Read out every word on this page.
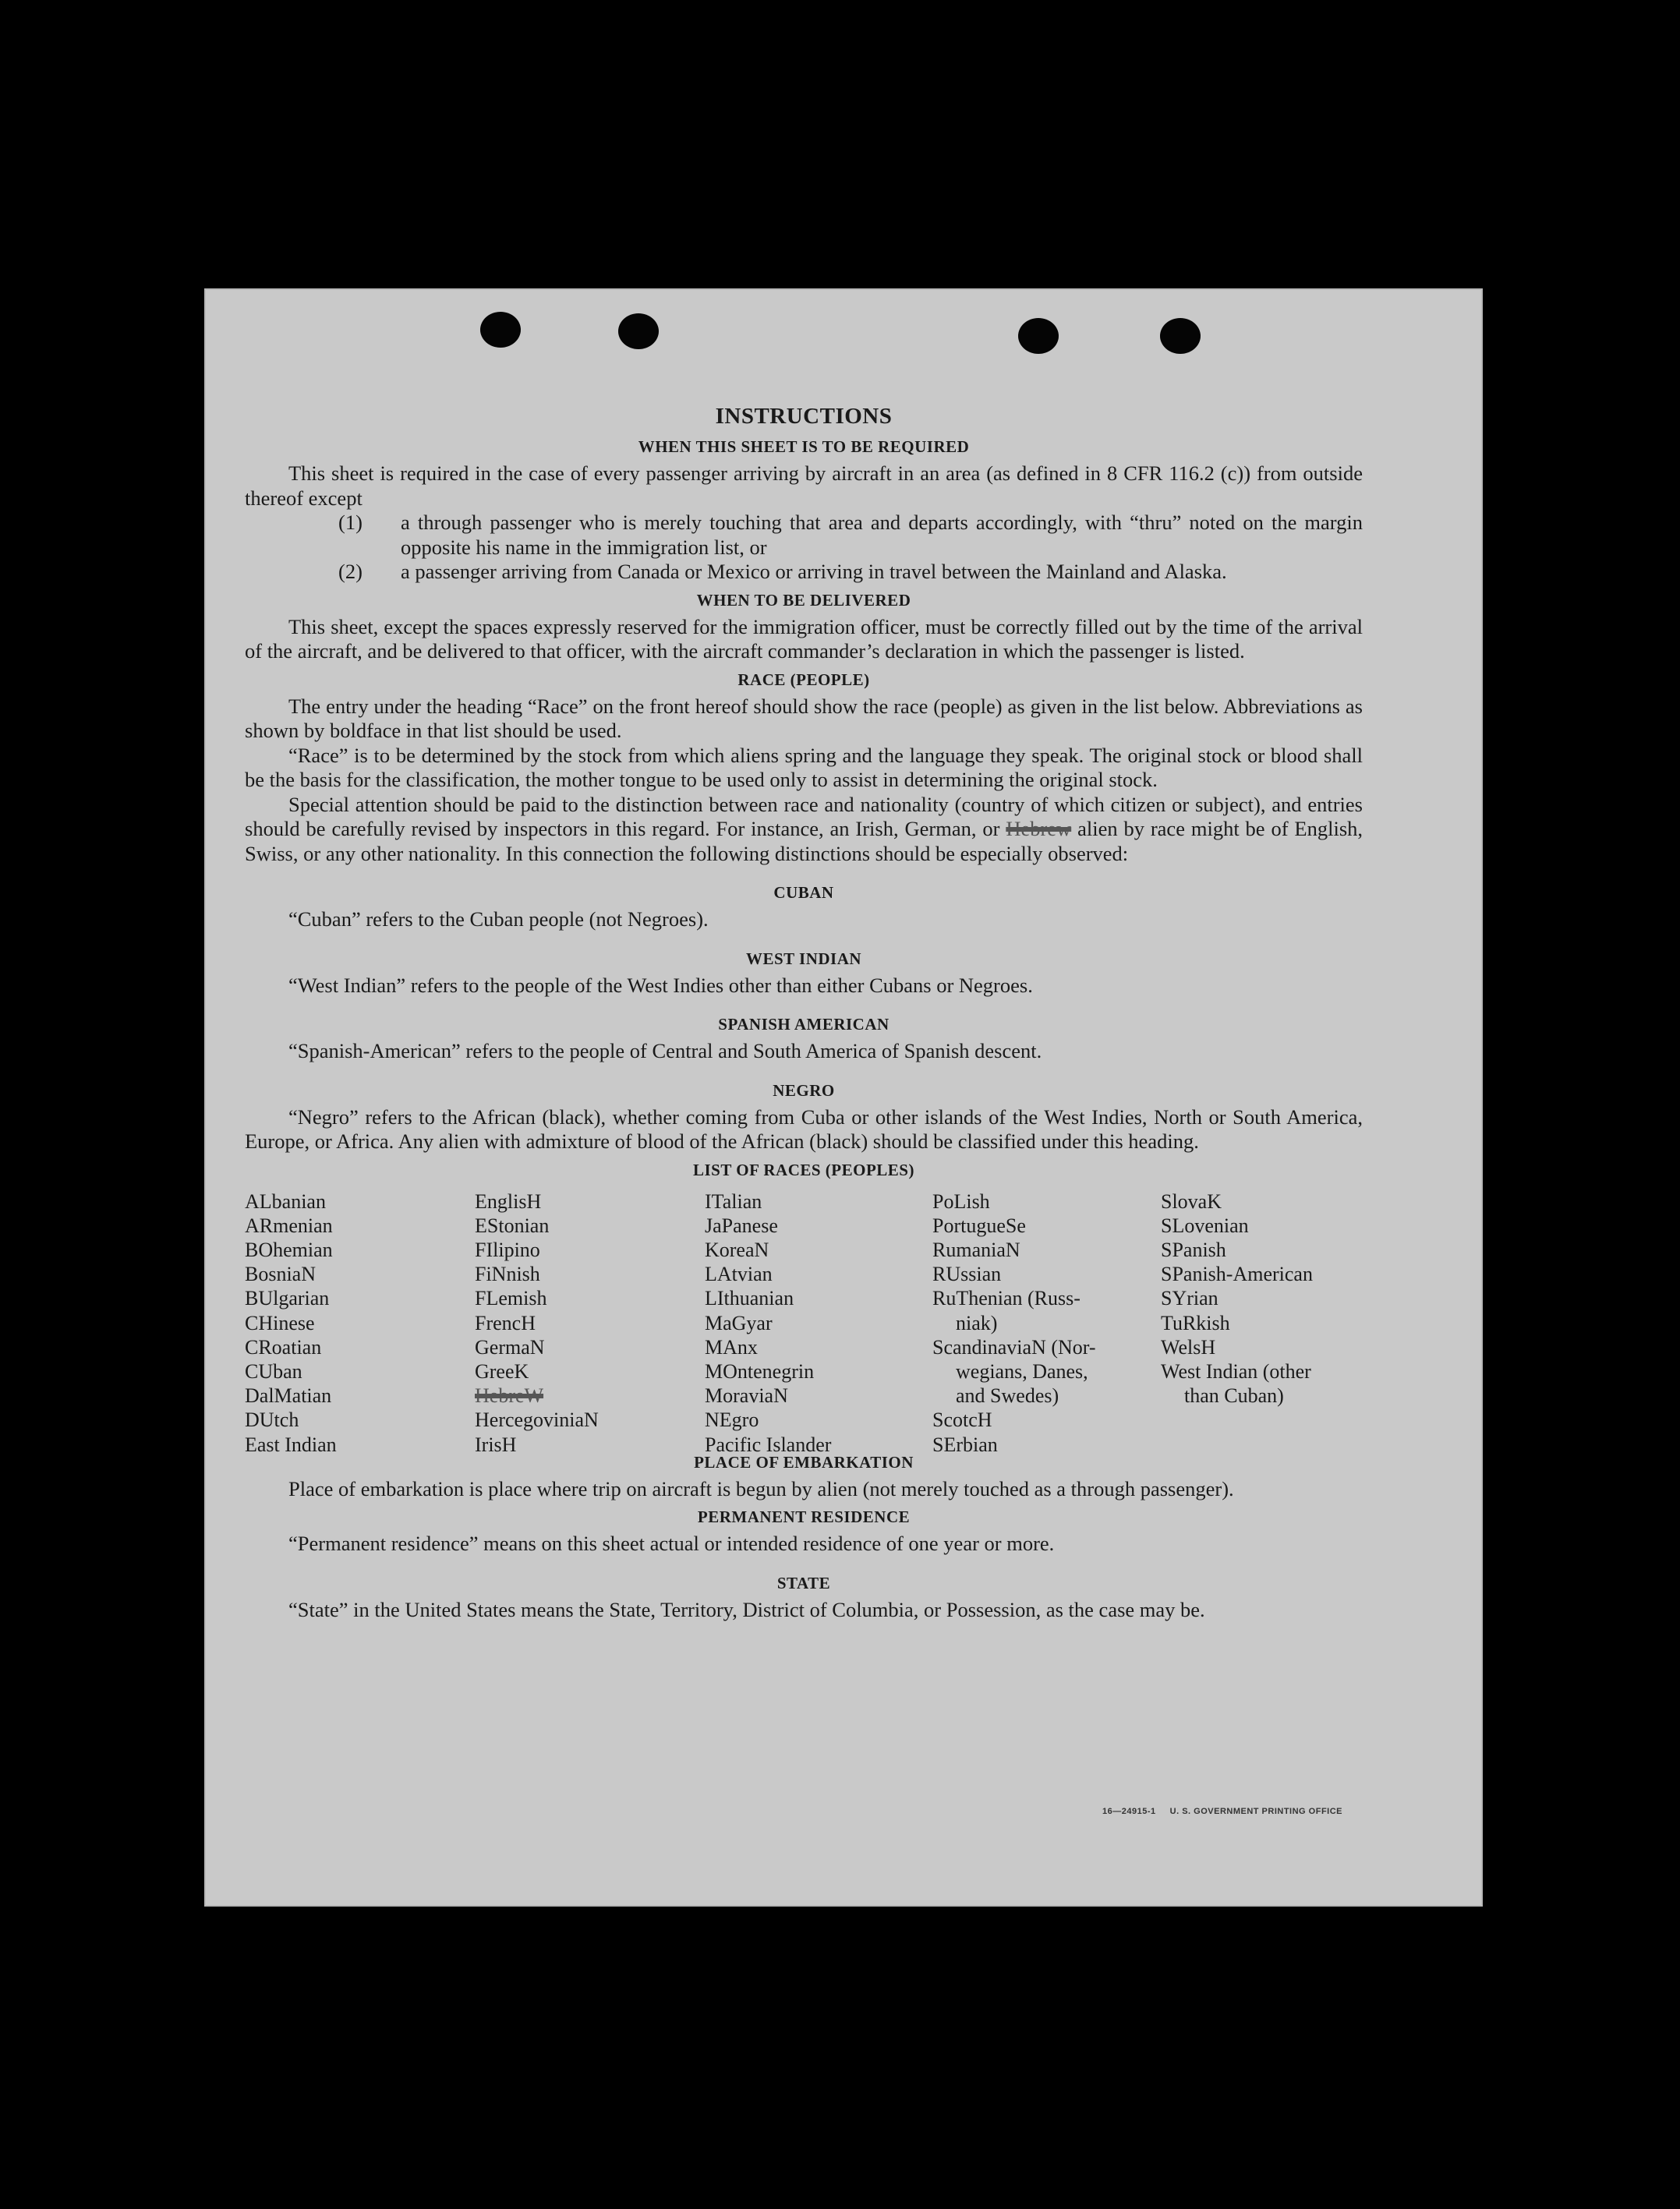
INSTRUCTIONS
WHEN THIS SHEET IS TO BE REQUIRED

This sheet is required in the case of every passenger arriving by aircraft in an area (as defined in 8 CFR 116.2 (c)) from outside thereof except

(1) a through passenger who is merely touching that area and departs accordingly, with “thru” noted on the margin opposite his name in the immigration list, or
(2) a passenger arriving from Canada or Mexico or arriving in travel between the Mainland and Alaska.
WHEN TO BE DELIVERED

This sheet, except the spaces expressly reserved for the immigration officer, must be correctly filled out by the time of the arrival of the aircraft, and be delivered to that officer, with the aircraft commander’s declaration in which the passenger is listed.

RACE (PEOPLE)

The entry under the heading “Race” on the front hereof should show the race (people) as given in the list below. Abbreviations as shown by boldface in that list should be used.

“Race” is to be determined by the stock from which aliens spring and the language they speak. The original stock or blood shall be the basis for the classification, the mother tongue to be used only to assist in determining the original stock.

Special attention should be paid to the distinction between race and nationality (country of which citizen or subject), and entries should be carefully revised by inspectors in this regard. For instance, an Irish, German, or Hebrew alien by race might be of English, Swiss, or any other nationality. In this connection the following distinctions should be especially observed:

CUBAN

“Cuban” refers to the Cuban people (not Negroes).

WEST INDIAN

“West Indian” refers to the people of the West Indies other than either Cubans or Negroes.

SPANISH AMERICAN

“Spanish-American” refers to the people of Central and South America of Spanish descent.

NEGRO

“Negro” refers to the African (black), whether coming from Cuba or other islands of the West Indies, North or South America, Europe, or Africa. Any alien with admixture of blood of the African (black) should be classified under this heading.

LIST OF RACES (PEOPLES)
ALbanian
ARmenian
BOhemian
BosniaN
BUlgarian
CHinese
CRoatian
CUban
DalMatian
DUtch
East Indian
EnglisH
EStonian
FIlipino
FiNnish
FLemish
FrencH
GermaN
GreeK
HebreW
HercegoviniaN
IrisH
ITalian
JaPanese
KoreaN
LAtvian
LIthuanian
MaGyar
MAnx
MOntenegrin
MoraviaN
NEgro
Pacific Islander
PoLish
PortugueSe
RumaniaN
RUssian
RuThenian (Russ-
niak)
ScandinaviaN (Nor-
wegians, Danes,
and Swedes)
ScotcH
SErbian
SlovaK
SLovenian
SPanish
SPanish-American
SYrian
TuRkish
WelsH
West Indian (other
than Cuban)
PLACE OF EMBARKATION

Place of embarkation is place where trip on aircraft is begun by alien (not merely touched as a through passenger).

PERMANENT RESIDENCE

“Permanent residence” means on this sheet actual or intended residence of one year or more.

STATE

“State” in the United States means the State, Territory, District of Columbia, or Possession, as the case may be.

16—24915-1 U. S. GOVERNMENT PRINTING OFFICE
